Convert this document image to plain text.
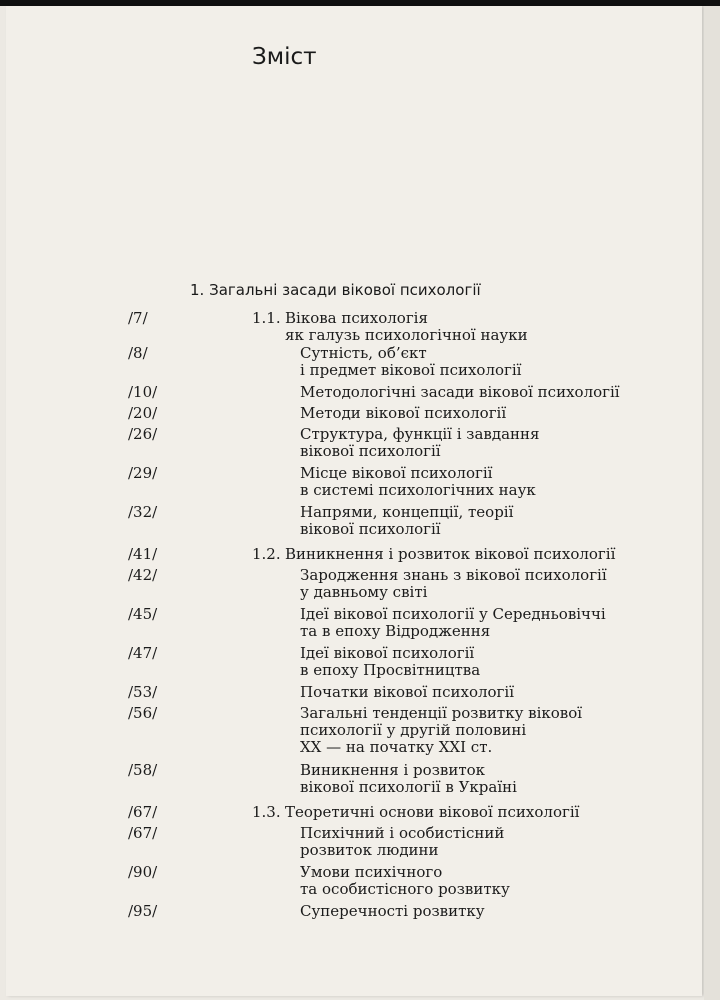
Зміст
1. Загальні засади вікової психології
/7/	1.1. Вікова психологія
як галузь психологічної науки
/8/	Сутність, об’єкт
і предмет вікової психології
/10/	Методологічні засади вікової психології
/20/	Методи вікової психології
/26/	Структура, функції і завдання
вікової психології
/29/	Місце вікової психології
в системі психологічних наук
/32/	Напрями, концепції, теорії
вікової психології
/41/	1.2. Виникнення і розвиток вікової психології
/42/	Зародження знань з вікової психології
у давньому світі
/45/	Ідеї вікової психології у Середньовіччі
та в епоху Відродження
/47/	Ідеї вікової психології
в епоху Просвітництва
/53/	Початки вікової психології
/56/	Загальні тенденції розвитку вікової
психології у другій половині
XX — на початку XXI ст.
/58/	Виникнення і розвиток
вікової психології в Україні
/67/	1.3. Теоретичні основи вікової психології
/67/	Психічний і особистісний
розвиток людини
/90/	Умови психічного
та особистісного розвитку
/95/	Суперечності розвитку
